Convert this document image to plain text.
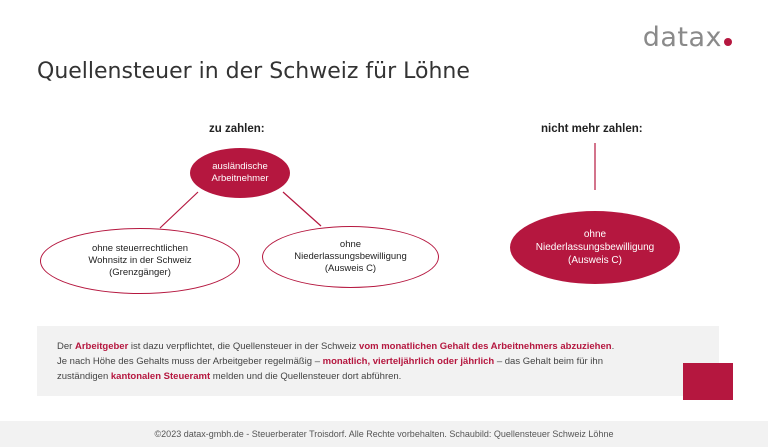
datax
Quellensteuer in der Schweiz für Löhne
zu zahlen:	nicht mehr zahlen:
ausländische
Arbeitnehmer
ohne steuerrechtlichen
Wohnsitz in der Schweiz
(Grenzgänger)
ohne
Niederlassungsbewilligung
(Ausweis C)
ohne
Niederlassungsbewilligung
(Ausweis C)
Der Arbeitgeber ist dazu verpflichtet, die Quellensteuer in der Schweiz vom monatlichen Gehalt des Arbeitnehmers abzuziehen.
Je nach Höhe des Gehalts muss der Arbeitgeber regelmäßig – monatlich, vierteljährlich oder jährlich – das Gehalt beim für ihn
zuständigen kantonalen Steueramt melden und die Quellensteuer dort abführen.
©2023 datax-gmbh.de - Steuerberater Troisdorf. Alle Rechte vorbehalten. Schaubild: Quellensteuer Schweiz Löhne
